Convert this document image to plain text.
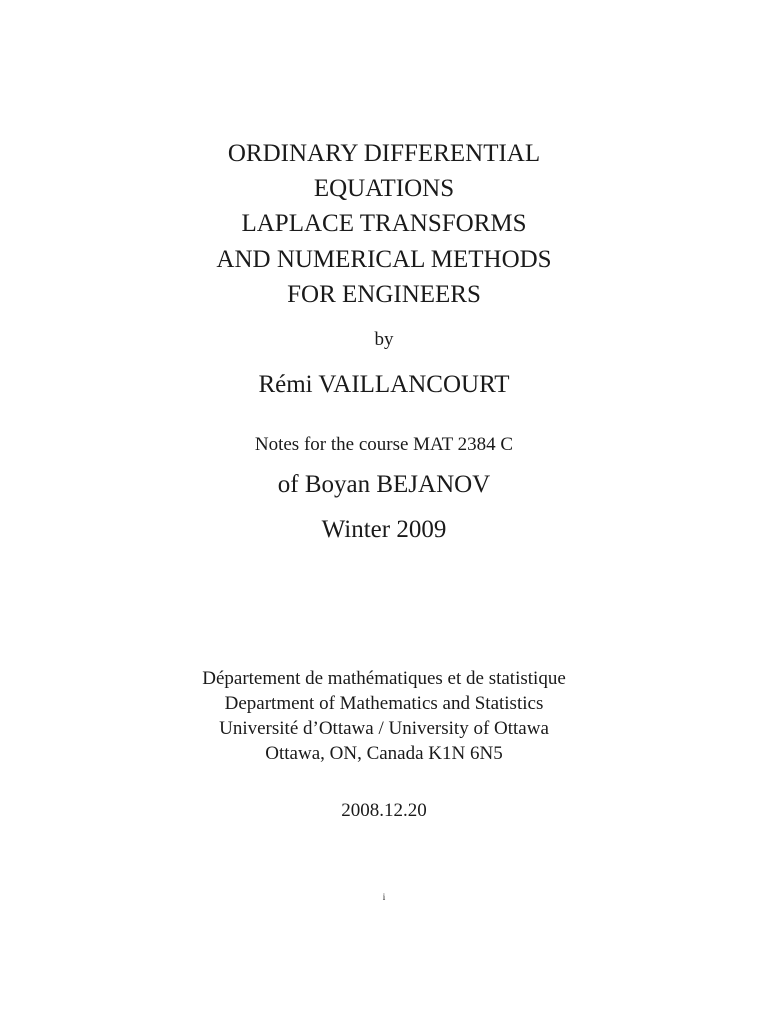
ORDINARY DIFFERENTIAL
EQUATIONS
LAPLACE TRANSFORMS
AND NUMERICAL METHODS
FOR ENGINEERS
by
Rémi VAILLANCOURT
Notes for the course MAT 2384 C
of Boyan BEJANOV
Winter 2009
Département de mathématiques et de statistique
Department of Mathematics and Statistics
Université d’Ottawa / University of Ottawa
Ottawa, ON, Canada K1N 6N5
2008.12.20
i
